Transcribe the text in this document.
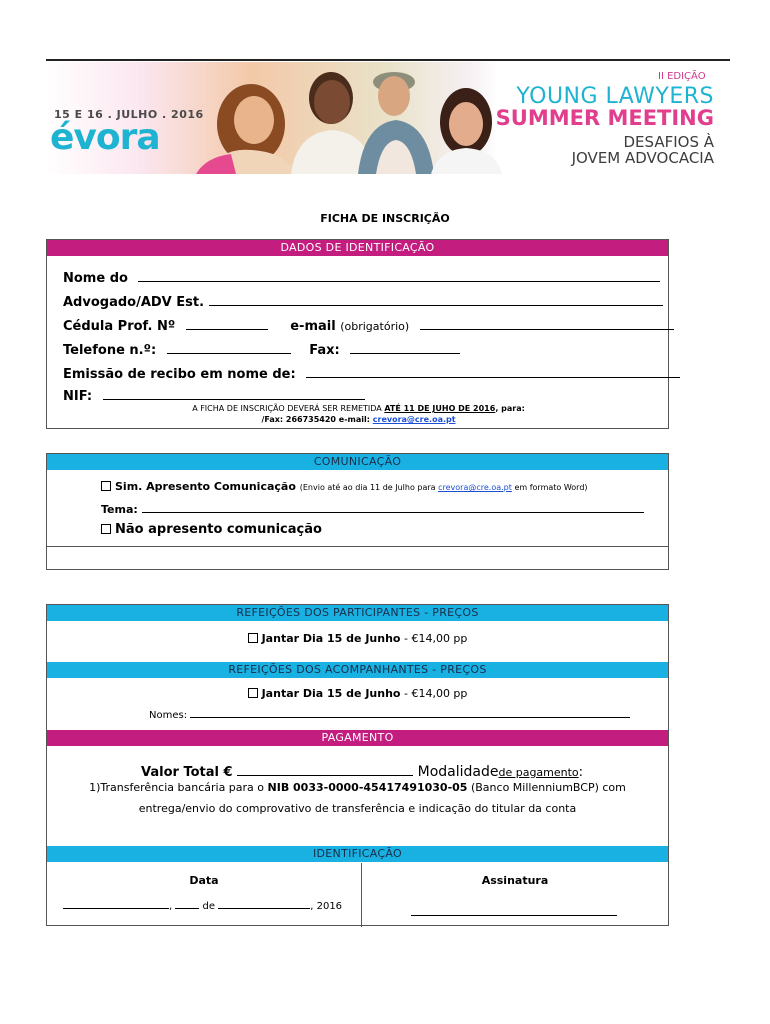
15 E 16 . JULHO . 2016
évora
II EDIÇÃO
YOUNG LAWYERS
SUMMER MEETING
DESAFIOS À
JOVEM ADVOCACIA
FICHA DE INSCRIÇÃO
DADOS DE IDENTIFICAÇÃO
Nome do
Advogado/ADV Est.
Cédula Prof. Nº	e-mail (obrigatório)
Telefone n.º:	Fax:
Emissão de recibo em nome de:
NIF:
A FICHA DE INSCRIÇÃO DEVERÁ SER REMETIDA ATÉ 11 DE JUHO DE 2016, para:
/Fax: 266735420 e-mail: crevora@cre.oa.pt
COMUNICAÇÃO
Sim. Apresento Comunicação (Envio até ao dia 11 de Julho para crevora@cre.oa.pt em formato Word)
Tema:
Não apresento comunicação
REFEIÇÕES DOS PARTICIPANTES - PREÇOS
Jantar Dia 15 de Junho - €14,00 pp
REFEIÇÕES DOS ACOMPANHANTES - PREÇOS
Jantar Dia 15 de Junho - €14,00 pp
Nomes:
PAGAMENTO
Valor Total €	Modalidadede pagamento:
1)Transferência bancária para o NIB 0033-0000-45417491030-05 (Banco MillenniumBCP) com
entrega/envio do comprovativo de transferência e indicação do titular da conta
IDENTIFICAÇÃO
Data	Assinatura
,	de	, 2016
